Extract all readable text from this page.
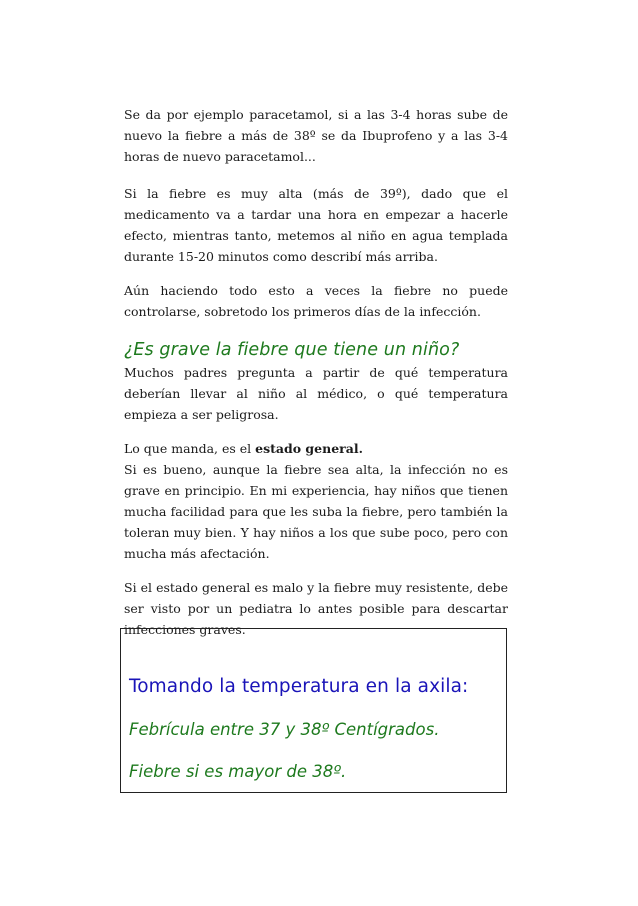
Se da por ejemplo paracetamol, si a las 3-4 horas sube de nuevo la fiebre a más de 38º se da Ibuprofeno y a las 3-4 horas de nuevo paracetamol...

Si la fiebre es muy alta (más de 39º), dado que el medicamento va a tardar una hora en empezar a hacerle efecto, mientras tanto, metemos al niño en agua templada durante 15-20 minutos como describí más arriba.

Aún haciendo todo esto a veces la fiebre no puede controlarse, sobretodo los primeros días de la infección.

¿Es grave la fiebre que tiene un niño?

Muchos padres pregunta a partir de qué temperatura deberían llevar al niño al médico, o qué temperatura empieza a ser peligrosa.

Lo que manda, es el estado general.

Si es bueno, aunque la fiebre sea alta, la infección no es grave en principio. En mi experiencia, hay niños que tienen mucha facilidad para que les suba la fiebre, pero también la toleran muy bien. Y hay niños a los que sube poco, pero con mucha más afectación.

Si el estado general es malo y la fiebre muy resistente, debe ser visto por un pediatra lo antes posible para descartar infecciones graves.

Tomando la temperatura en la axila:
Febrícula entre 37 y 38º Centígrados.
Fiebre si es mayor de 38º.
